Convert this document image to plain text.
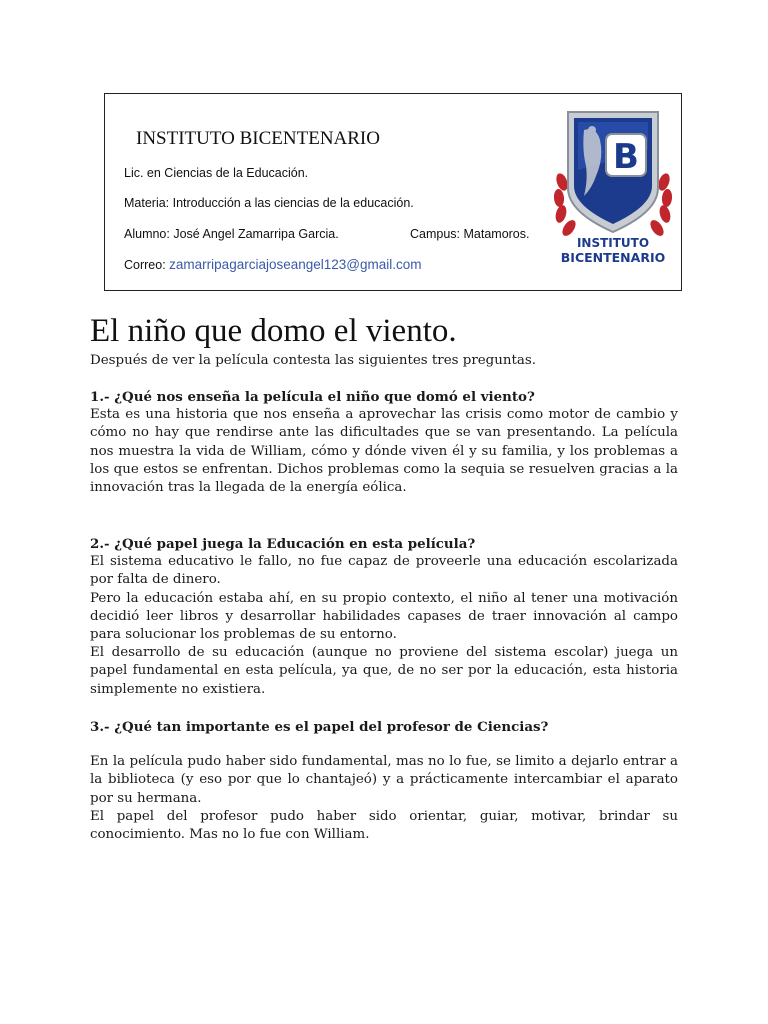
INSTITUTO BICENTENARIO
Lic. en Ciencias de la Educación.
Materia: Introducción a las ciencias de la educación.
Alumno: José Angel Zamarripa Garcia.	Campus: Matamoros.
Correo: zamarripagarciajoseangel123@gmail.com
B
INSTITUTO
BICENTENARIO
El niño que domo el viento.

Después de ver la película contesta las siguientes tres preguntas.

1.- ¿Qué nos enseña la película el niño que domó el viento?

Esta es una historia que nos enseña a aprovechar las crisis como motor de cambio y cómo no hay que rendirse ante las dificultades que se van presentando. La película nos muestra la vida de William, cómo y dónde viven él y su familia, y los problemas a los que estos se enfrentan. Dichos problemas como la sequia se resuelven gracias a la innovación tras la llegada de la energía eólica.

2.- ¿Qué papel juega la Educación en esta película?

El sistema educativo le fallo, no fue capaz de proveerle una educación escolarizada por falta de dinero.

Pero la educación estaba ahí, en su propio contexto, el niño al tener una motivación decidió leer libros y desarrollar habilidades capases de traer innovación al campo para solucionar los problemas de su entorno.

El desarrollo de su educación (aunque no proviene del sistema escolar) juega un papel fundamental en esta película, ya que, de no ser por la educación, esta historia simplemente no existiera.

3.- ¿Qué tan importante es el papel del profesor de Ciencias?

En la película pudo haber sido fundamental, mas no lo fue, se limito a dejarlo entrar a la biblioteca (y eso por que lo chantajeó) y a prácticamente intercambiar el aparato por su hermana.

El papel del profesor pudo haber sido orientar, guiar, motivar, brindar su conocimiento. Mas no lo fue con William.
